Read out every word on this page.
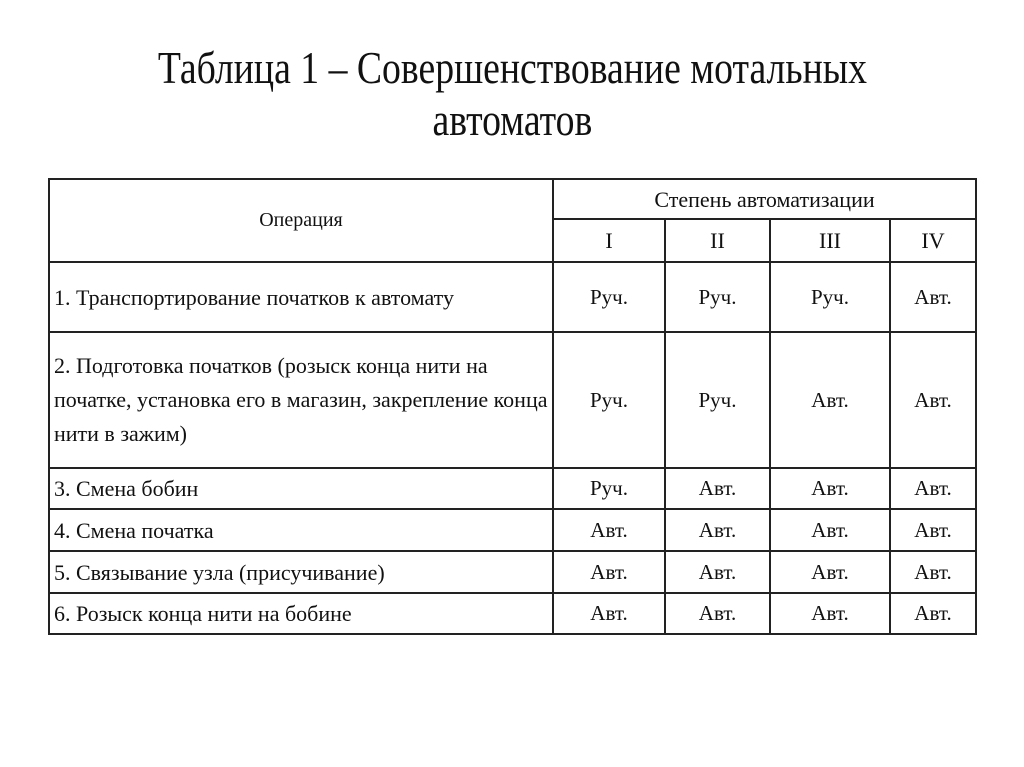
Таблица 1 – Совершенствование мотальных
автоматов
Операция	Степень автоматизации			
	I	II	III	IV
1. Транспортирование початков к автомату	Руч.	Руч.	Руч.	Авт.
2. Подготовка початков (розыск конца нити на початке, установка его в магазин, закрепление конца нити в зажим)	Руч.	Руч.	Авт.	Авт.
3. Смена бобин	Руч.	Авт.	Авт.	Авт.
4. Смена початка	Авт.	Авт.	Авт.	Авт.
5. Связывание узла (присучивание)	Авт.	Авт.	Авт.	Авт.
6. Розыск конца нити на бобине	Авт.	Авт.	Авт.	Авт.
